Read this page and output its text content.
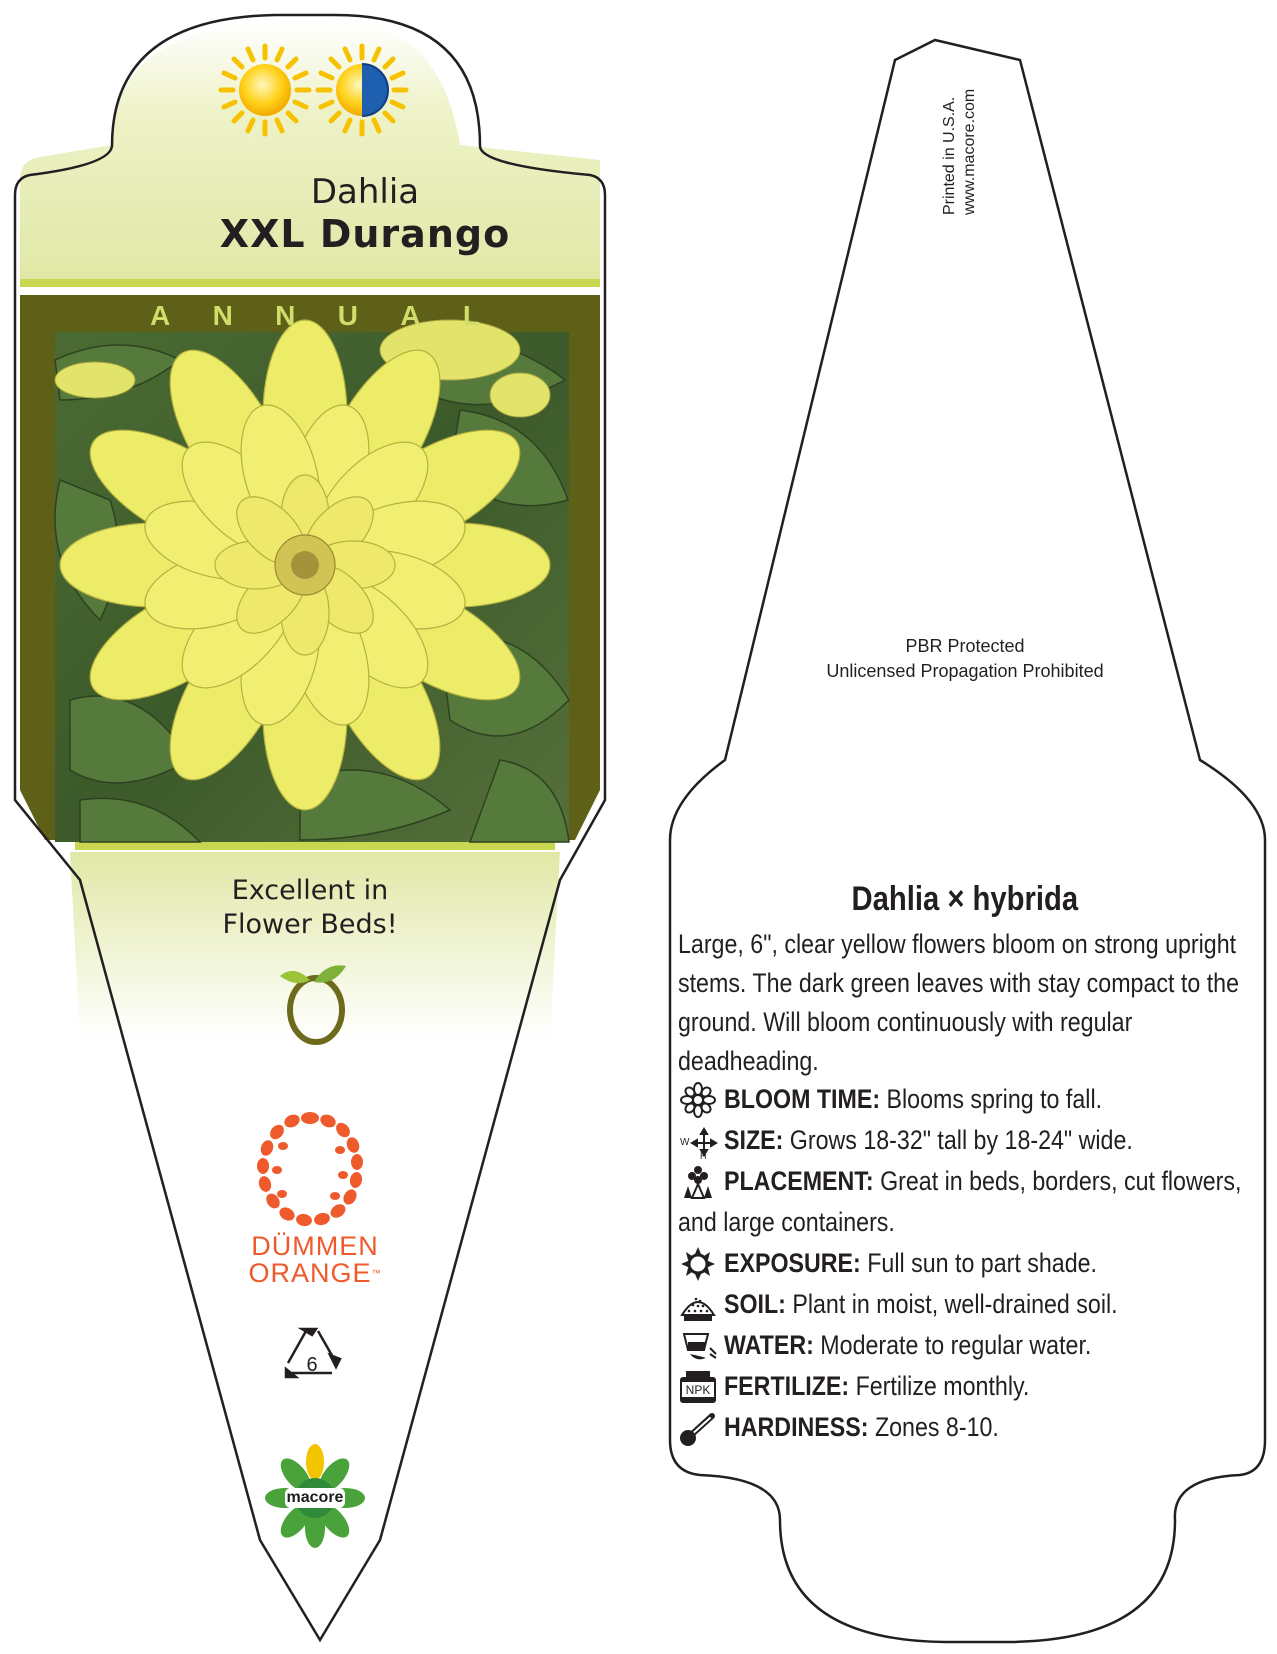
Dahlia
XXL Durango
A N N U A L
Excellent in
Flower Beds!
DÜMMEN
ORANGE™
6
macore
Printed in U.S.A. www.macore.com
PBR Protected
Unlicensed Propagation Prohibited
Dahlia × hybrida
Large, 6", clear yellow flowers bloom on strong upright stems. The dark green leaves with stay compact to the ground. Will bloom continuously with regular deadheading.
BLOOM TIME: Blooms spring to fall.
W
H
SIZE: Grows 18-32" tall by 18-24" wide.
PLACEMENT: Great in beds, borders, cut flowers,
and large containers.
EXPOSURE: Full sun to part shade.
SOIL: Plant in moist, well-drained soil.
WATER: Moderate to regular water.
NPK FERTILIZE: Fertilize monthly.
HARDINESS: Zones 8-10.
